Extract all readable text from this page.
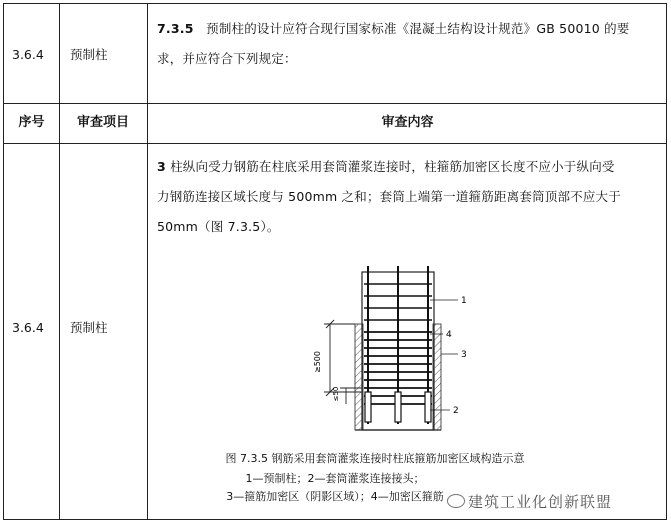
3.6.4 预制柱
7.3.5 预制柱的设计应符合现行国家标准《混凝土结构设计规范》GB 50010 的要
求，并应符合下列规定：
序号	审查项目	审查内容
3.6.4 预制柱
3 柱纵向受力钢筋在柱底采用套筒灌浆连接时，柱箍筋加密区长度不应小于纵向受
力钢筋连接区域长度与 500mm 之和；套筒上端第一道箍筋距离套筒顶部不应大于
50mm（图 7.3.5）。
≥500
≤50
1
4
3
2
图 7.3.5 钢筋采用套筒灌浆连接时柱底箍筋加密区域构造示意
1—预制柱；2—套筒灌浆连接接头；
3—箍筋加密区（阴影区域）；4—加密区箍筋	建筑工业化创新联盟
